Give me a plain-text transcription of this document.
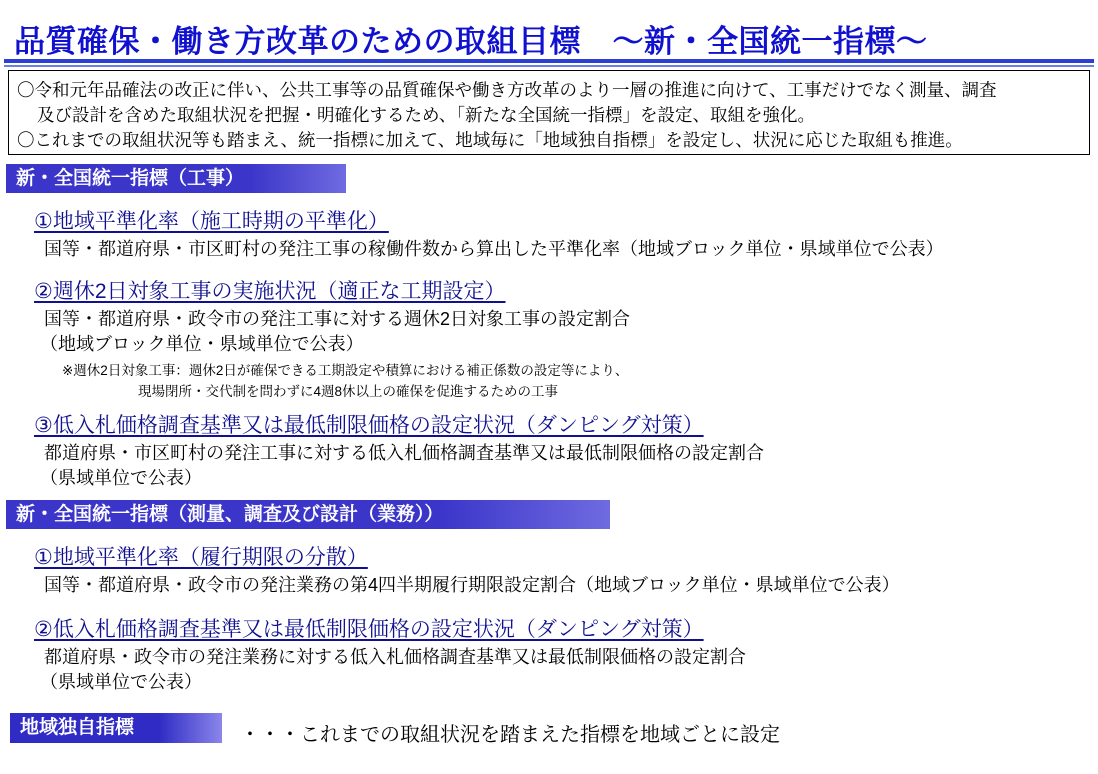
品質確保・働き方改革のための取組目標　〜新・全国統一指標〜
〇令和元年品確法の改正に伴い、公共工事等の品質確保や働き方改革のより一層の推進に向けて、工事だけでなく測量、調査
及び設計を含めた取組状況を把握・明確化するため、「新たな全国統一指標」を設定、取組を強化。
〇これまでの取組状況等も踏まえ、統一指標に加えて、地域毎に「地域独自指標」を設定し、状況に応じた取組も推進。
新・全国統一指標（工事）
①地域平準化率（施工時期の平準化）
国等・都道府県・市区町村の発注工事の稼働件数から算出した平準化率（地域ブロック単位・県域単位で公表）
②週休2日対象工事の実施状況（適正な工期設定）
国等・都道府県・政令市の発注工事に対する週休2日対象工事の設定割合
（地域ブロック単位・県域単位で公表）
※週休2日対象工事：週休2日が確保できる工期設定や積算における補正係数の設定等により、
現場閉所・交代制を問わずに4週8休以上の確保を促進するための工事
③低入札価格調査基準又は最低制限価格の設定状況（ダンピング対策）
都道府県・市区町村の発注工事に対する低入札価格調査基準又は最低制限価格の設定割合
（県域単位で公表）
新・全国統一指標（測量、調査及び設計（業務））
①地域平準化率（履行期限の分散）
国等・都道府県・政令市の発注業務の第4四半期履行期限設定割合（地域ブロック単位・県域単位で公表）
②低入札価格調査基準又は最低制限価格の設定状況（ダンピング対策）
都道府県・政令市の発注業務に対する低入札価格調査基準又は最低制限価格の設定割合
（県域単位で公表）
地域独自指標	・・・これまでの取組状況を踏まえた指標を地域ごとに設定
